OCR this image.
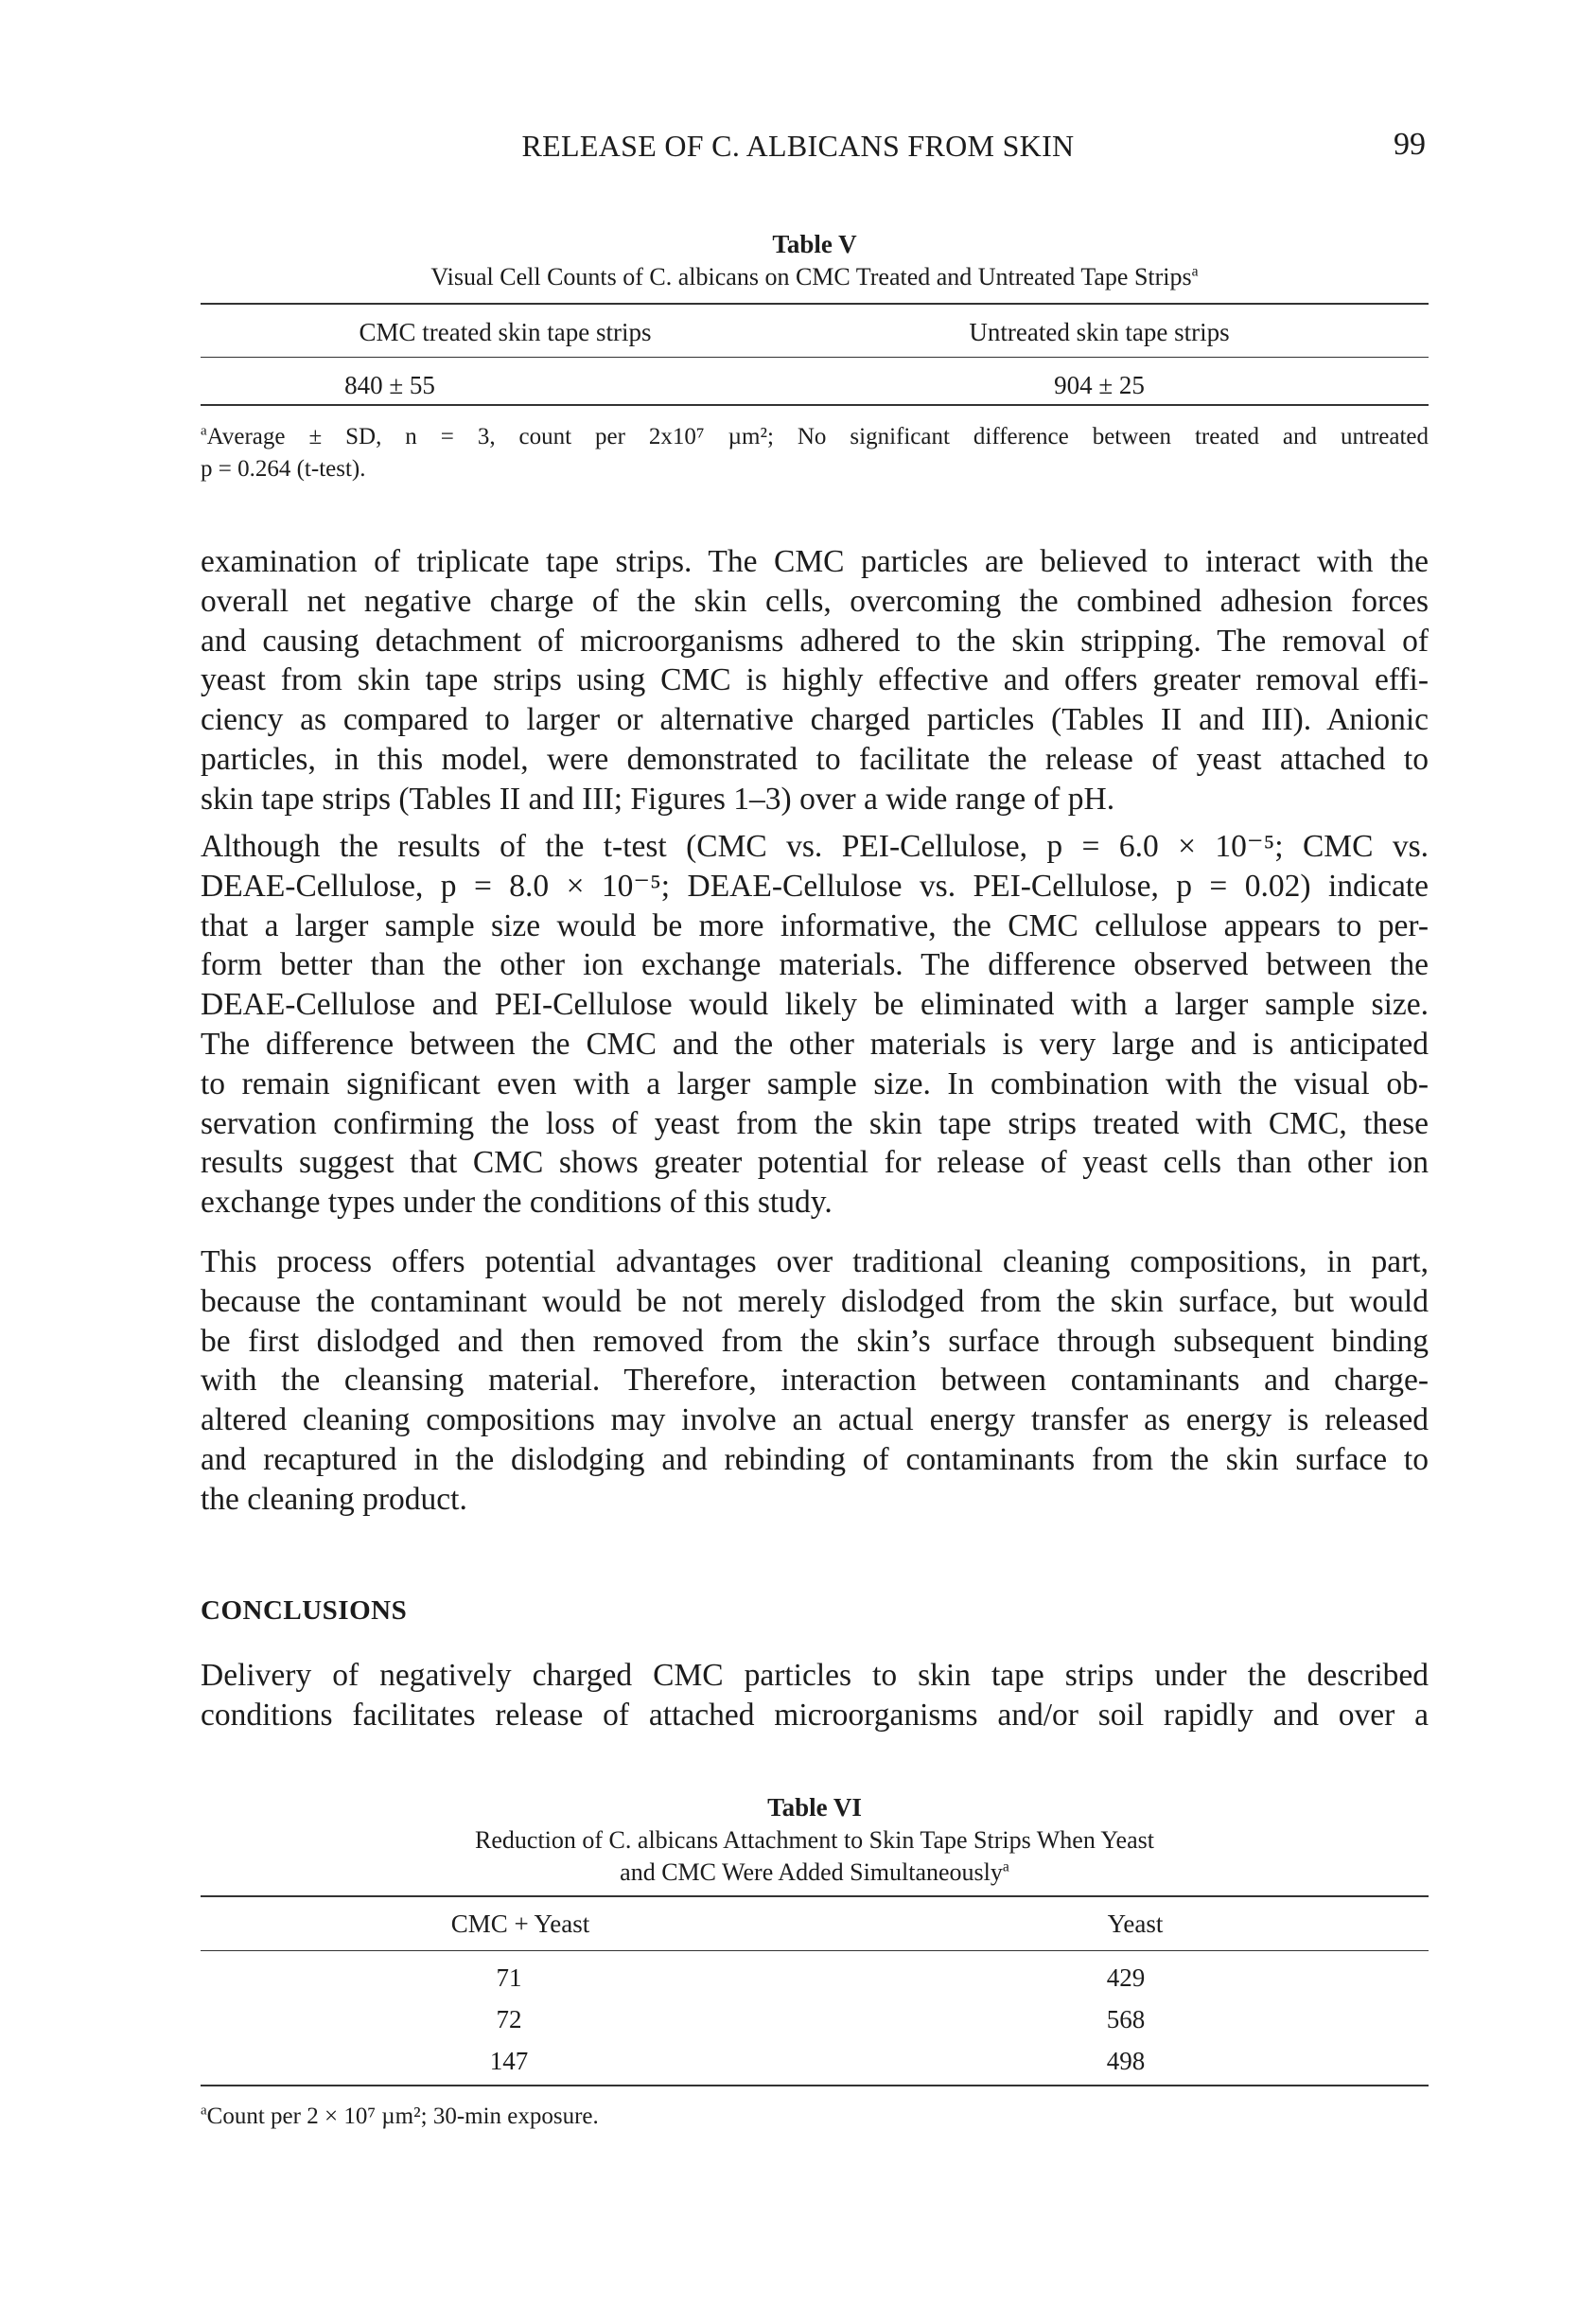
RELEASE OF C. ALBICANS FROM SKIN	99
Table V
Visual Cell Counts of C. albicans on CMC Treated and Untreated Tape Strips$^a$
CMC treated skin tape strips	Untreated skin tape strips
840 ± 55	904 ± 25
$^a$Average ± SD, n = 3, count per 2x10⁷ µm²; No significant difference between treated and untreated
p = 0.264 (t-test).
examination of triplicate tape strips. The CMC particles are believed to interact with the
overall net negative charge of the skin cells, overcoming the combined adhesion forces
and causing detachment of microorganisms adhered to the skin stripping. The removal of
yeast from skin tape strips using CMC is highly effective and offers greater removal effi-
ciency as compared to larger or alternative charged particles (Tables II and III). Anionic
particles, in this model, were demonstrated to facilitate the release of yeast attached to
skin tape strips (Tables II and III; Figures 1–3) over a wide range of pH.
Although the results of the t-test (CMC vs. PEI-Cellulose, p = 6.0 × 10⁻⁵; CMC vs.
DEAE-Cellulose, p = 8.0 × 10⁻⁵; DEAE-Cellulose vs. PEI-Cellulose, p = 0.02) indicate
that a larger sample size would be more informative, the CMC cellulose appears to per-
form better than the other ion exchange materials. The difference observed between the
DEAE-Cellulose and PEI-Cellulose would likely be eliminated with a larger sample size.
The difference between the CMC and the other materials is very large and is anticipated
to remain significant even with a larger sample size. In combination with the visual ob-
servation confirming the loss of yeast from the skin tape strips treated with CMC, these
results suggest that CMC shows greater potential for release of yeast cells than other ion
exchange types under the conditions of this study.
This process offers potential advantages over traditional cleaning compositions, in part,
because the contaminant would be not merely dislodged from the skin surface, but would
be first dislodged and then removed from the skin’s surface through subsequent binding
with the cleansing material. Therefore, interaction between contaminants and charge-
altered cleaning compositions may involve an actual energy transfer as energy is released
and recaptured in the dislodging and rebinding of contaminants from the skin surface to
the cleaning product.
CONCLUSIONS
Delivery of negatively charged CMC particles to skin tape strips under the described
conditions facilitates release of attached microorganisms and/or soil rapidly and over a
Table VI
Reduction of C. albicans Attachment to Skin Tape Strips When Yeast
and CMC Were Added Simultaneously$^a$
CMC + Yeast	Yeast
71	429
72	568
147	498
$^a$Count per 2 × 10⁷ µm²; 30-min exposure.
